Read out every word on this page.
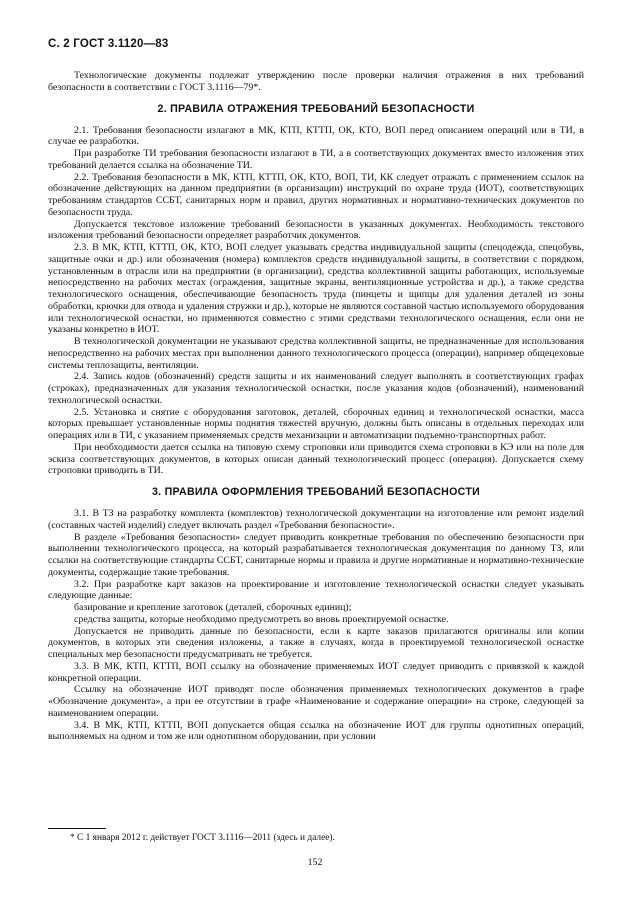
С. 2 ГОСТ 3.1120—83

Технологические документы подлежат утверждению после проверки наличия отражения в них требований безопасности в соответствии с ГОСТ 3.1116—79*.

2. ПРАВИЛА ОТРАЖЕНИЯ ТРЕБОВАНИЙ БЕЗОПАСНОСТИ

2.1. Требования безопасности излагают в МК, КТП, КТТП, ОК, КТО, ВОП перед описанием операций или в ТИ, в случае ее разработки.

При разработке ТИ требования безопасности излагают в ТИ, а в соответствующих документах вместо изложения этих требований делается ссылка на обозначение ТИ.

2.2. Требования безопасности в МК, КТП, КТТП, ОК, КТО, ВОП, ТИ, КК следует отражать с применением ссылок на обозначение действующих на данном предприятии (в организации) инструкций по охране труда (ИОТ), соответствующих требованиям стандартов ССБТ, санитарных норм и правил, других нормативных и нормативно-технических документов по безопасности труда.

Допускается текстовое изложение требований безопасности в указанных документах. Необходимость текстового изложения требований безопасности определяет разработчик документов.

2.3. В МК, КТП, КТТП, ОК, КТО, ВОП следует указывать средства индивидуальной защиты (спецодежда, спецобувь, защитные очки и др.) или обозначения (номера) комплектов средств индивидуальной защиты, в соответствии с порядком, установленным в отрасли или на предприятии (в организации), средства коллективной защиты работающих, используемые непосредственно на рабочих местах (ограждения, защитные экраны, вентиляционные устройства и др.), а также средства технологического оснащения, обеспечивающие безопасность труда (пинцеты и щипцы для удаления деталей из зоны обработки, крючки для отвода и удаления стружки и др.), которые не являются составной частью используемого оборудования или технологической оснастки, но применяются совместно с этими средствами технологического оснащения, если они не указаны конкретно в ИОТ.

В технологической документации не указывают средства коллективной защиты, не предназначенные для использования непосредственно на рабочих местах при выполнении данного технологического процесса (операции), например общецеховые системы теплозащиты, вентиляции.

2.4. Запись кодов (обозначений) средств защиты и их наименований следует выполнять в соответствующих графах (строках), предназначенных для указания технологической оснастки, после указания кодов (обозначений), наименований технологической оснастки.

2.5. Установка и снятие с оборудования заготовок, деталей, сборочных единиц и технологической оснастки, масса которых превышает установленные нормы поднятия тяжестей вручную, должны быть описаны в отдельных переходах или операциях или в ТИ, с указанием применяемых средств механизации и автоматизации подъемно-транспортных работ.

При необходимости дается ссылка на типовую схему строповки или приводится схема строповки в КЭ или на поле для эскиза соответствующих документов, в которых описан данный технологический процесс (операция). Допускается схему строповки приводить в ТИ.

3. ПРАВИЛА ОФОРМЛЕНИЯ ТРЕБОВАНИЙ БЕЗОПАСНОСТИ

3.1. В ТЗ на разработку комплекта (комплектов) технологической документации на изготовление или ремонт изделий (составных частей изделий) следует включать раздел «Требования безопасности».

В разделе «Требования безопасности» следует приводить конкретные требования по обеспечению безопасности при выполнении технологического процесса, на который разрабатывается технологическая документация по данному ТЗ, или ссылки на соответствующие стандарты ССБТ, санитарные нормы и правила и другие нормативные и нормативно-технические документы, содержащие такие требования.

3.2. При разработке карт заказов на проектирование и изготовление технологической оснастки следует указывать следующие данные:

базирование и крепление заготовок (деталей, сборочных единиц);

средства защиты, которые необходимо предусмотреть во вновь проектируемой оснастке.

Допускается не приводить данные по безопасности, если к карте заказов прилагаются оригиналы или копии документов, в которых эти сведения изложены, а также в случаях, когда в проектируемой технологической оснастке специальных мер безопасности предусматривать не требуется.

3.3. В МК, КТП, КТТП, ВОП ссылку на обозначение применяемых ИОТ следует приводить с привязкой к каждой конкретной операции.

Ссылку на обозначение ИОТ приводят после обозначения применяемых технологических документов в графе «Обозначение документа», а при ее отсутствии в графе «Наименование и содержание операции» на строке, следующей за наименованием операции.

3.4. В МК, КТП, КТТП, ВОП допускается общая ссылка на обозначение ИОТ для группы однотипных операций, выполняемых на одном и том же или однотипном оборудовании, при условии

* С 1 января 2012 г. действует ГОСТ 3.1116—2011 (здесь и далее).
152
